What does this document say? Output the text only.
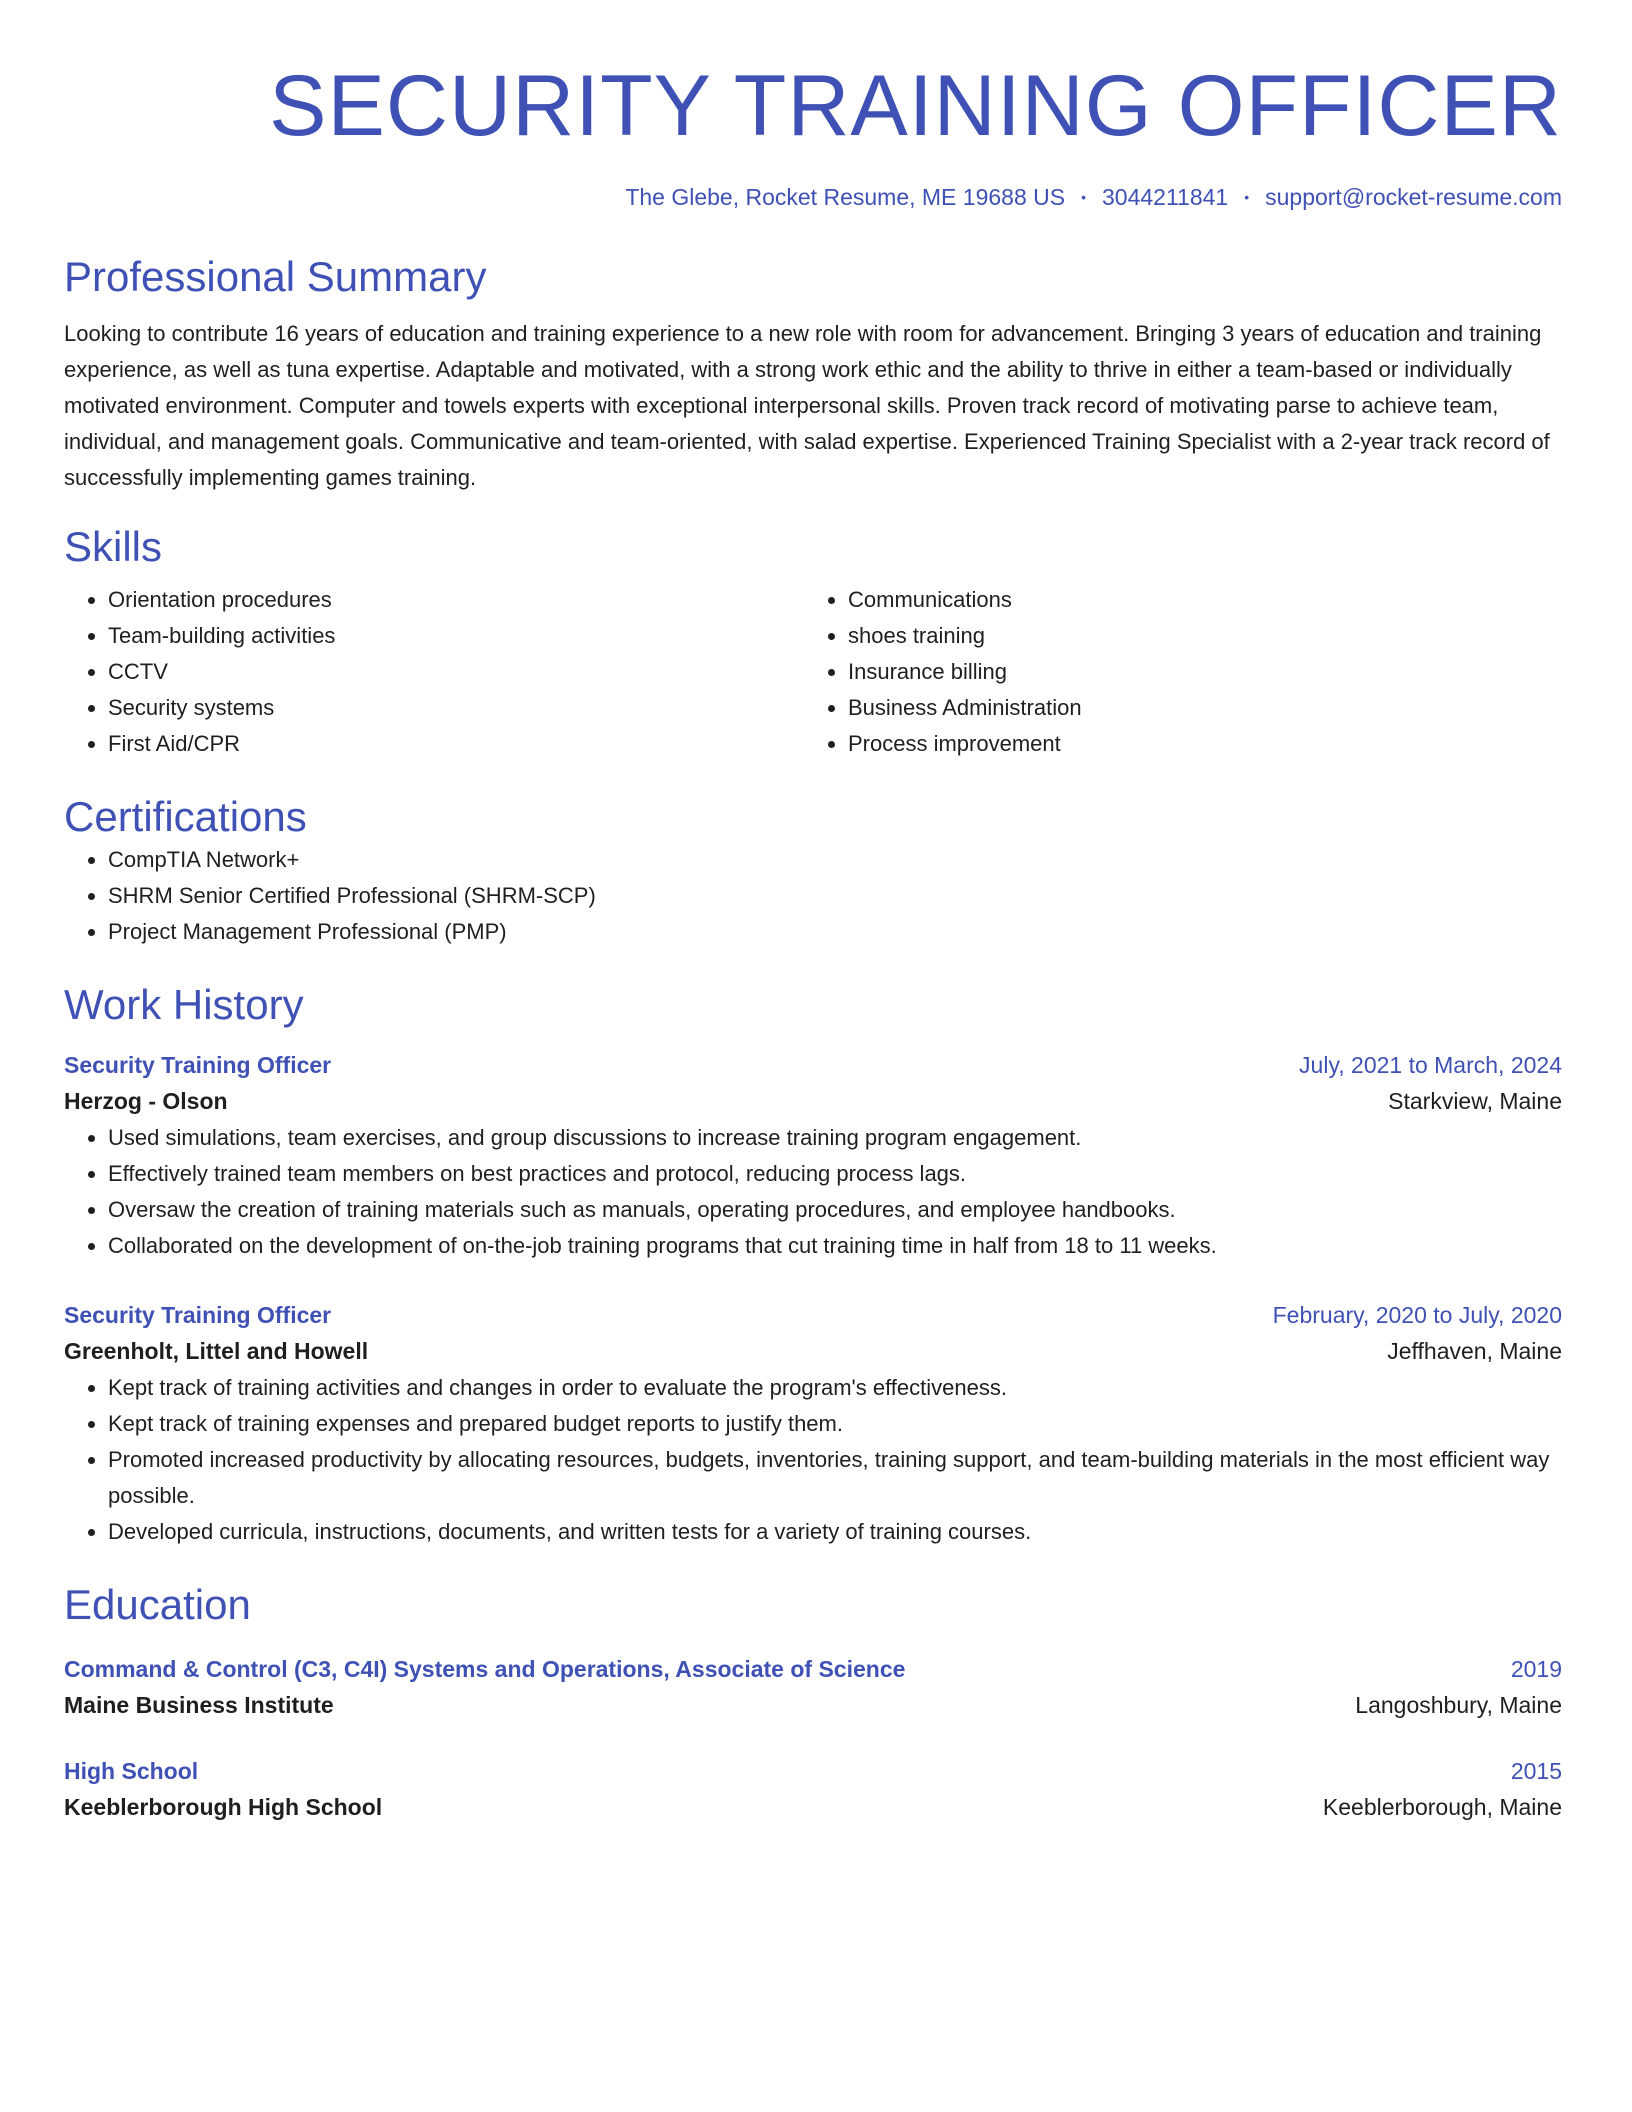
SECURITY TRAINING OFFICER
The Glebe, Rocket Resume, ME 19688 US • 3044211841 • support@rocket-resume.com
Professional Summary

Looking to contribute 16 years of education and training experience to a new role with room for advancement. Bringing 3 years of education and training experience, as well as tuna expertise. Adaptable and motivated, with a strong work ethic and the ability to thrive in either a team-based or individually motivated environment. Computer and towels experts with exceptional interpersonal skills. Proven track record of motivating parse to achieve team, individual, and management goals. Communicative and team-oriented, with salad expertise. Experienced Training Specialist with a 2-year track record of successfully implementing games training.

Skills
• Orientation procedures
• Team-building activities
• CCTV
• Security systems
• First Aid/CPR
• Communications
• shoes training
• Insurance billing
• Business Administration
• Process improvement
Certifications
• CompTIA Network+
• SHRM Senior Certified Professional (SHRM-SCP)
• Project Management Professional (PMP)
Work History
Security Training Officer	July, 2021 to March, 2024
Herzog - Olson	Starkview, Maine
• Used simulations, team exercises, and group discussions to increase training program engagement.
• Effectively trained team members on best practices and protocol, reducing process lags.
• Oversaw the creation of training materials such as manuals, operating procedures, and employee handbooks.
• Collaborated on the development of on-the-job training programs that cut training time in half from 18 to 11 weeks.
Security Training Officer	February, 2020 to July, 2020
Greenholt, Littel and Howell	Jeffhaven, Maine
• Kept track of training activities and changes in order to evaluate the program's effectiveness.
• Kept track of training expenses and prepared budget reports to justify them.
• Promoted increased productivity by allocating resources, budgets, inventories, training support, and team-building materials in the most efficient way possible.
• Developed curricula, instructions, documents, and written tests for a variety of training courses.
Education
Command & Control (C3, C4I) Systems and Operations, Associate of Science	2019
Maine Business Institute	Langoshbury, Maine
High School	2015
Keeblerborough High School	Keeblerborough, Maine
